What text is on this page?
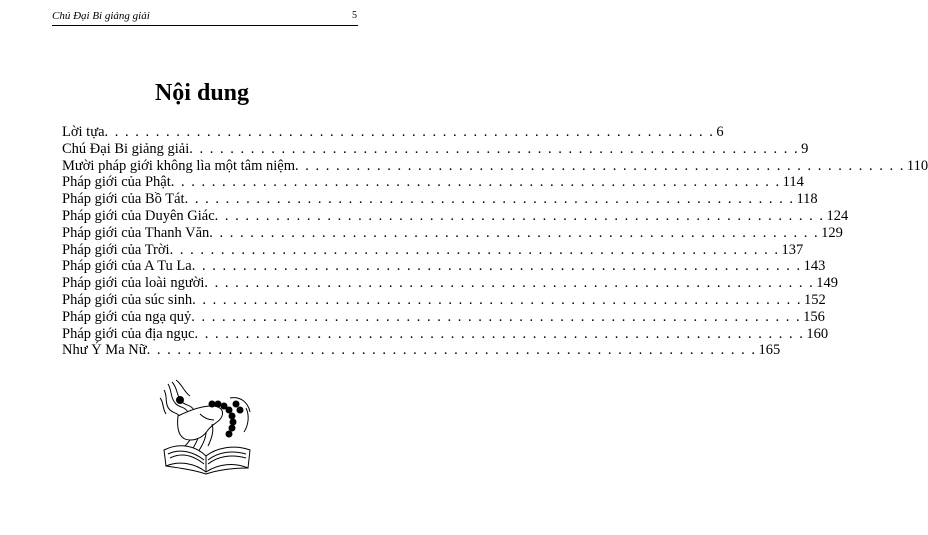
Chú Đại Bi giảng giải	5
Nội dung
Lời tựa . . . . . . . . . . . . . . . . . . . . . . . . . . . . . . . . . . . . . . . . . . . . . . . . . . . . . . . . . . . . 6
Chú Đại Bi giảng giải . . . . . . . . . . . . . . . . . . . . . . . . . . . . . . . . . . . . . . . . . . . . . . . . . . . . . . . . . . . . 9
Mười pháp giới không lìa một tâm niệm . . . . . . . . . . . . . . . . . . . . . . . . . . . . . . . . . . . . . . . . . . . . . . . . . . . . . . . . . . . . 110
Pháp giới của Phật . . . . . . . . . . . . . . . . . . . . . . . . . . . . . . . . . . . . . . . . . . . . . . . . . . . . . . . . . . . . 114
Pháp giới của Bồ Tát . . . . . . . . . . . . . . . . . . . . . . . . . . . . . . . . . . . . . . . . . . . . . . . . . . . . . . . . . . . . 118
Pháp giới của Duyên Giác . . . . . . . . . . . . . . . . . . . . . . . . . . . . . . . . . . . . . . . . . . . . . . . . . . . . . . . . . . . . 124
Pháp giới của Thanh Văn . . . . . . . . . . . . . . . . . . . . . . . . . . . . . . . . . . . . . . . . . . . . . . . . . . . . . . . . . . . . 129
Pháp giới của Trời . . . . . . . . . . . . . . . . . . . . . . . . . . . . . . . . . . . . . . . . . . . . . . . . . . . . . . . . . . . . 137
Pháp giới của A Tu La . . . . . . . . . . . . . . . . . . . . . . . . . . . . . . . . . . . . . . . . . . . . . . . . . . . . . . . . . . . . 143
Pháp giới của loài người . . . . . . . . . . . . . . . . . . . . . . . . . . . . . . . . . . . . . . . . . . . . . . . . . . . . . . . . . . . . 149
Pháp giới của súc sinh . . . . . . . . . . . . . . . . . . . . . . . . . . . . . . . . . . . . . . . . . . . . . . . . . . . . . . . . . . . . 152
Pháp giới của ngạ quỷ . . . . . . . . . . . . . . . . . . . . . . . . . . . . . . . . . . . . . . . . . . . . . . . . . . . . . . . . . . . . 156
Pháp giới của địa ngục . . . . . . . . . . . . . . . . . . . . . . . . . . . . . . . . . . . . . . . . . . . . . . . . . . . . . . . . . . . . 160
Như Ý Ma Nữ . . . . . . . . . . . . . . . . . . . . . . . . . . . . . . . . . . . . . . . . . . . . . . . . . . . . . . . . . . . . 165
